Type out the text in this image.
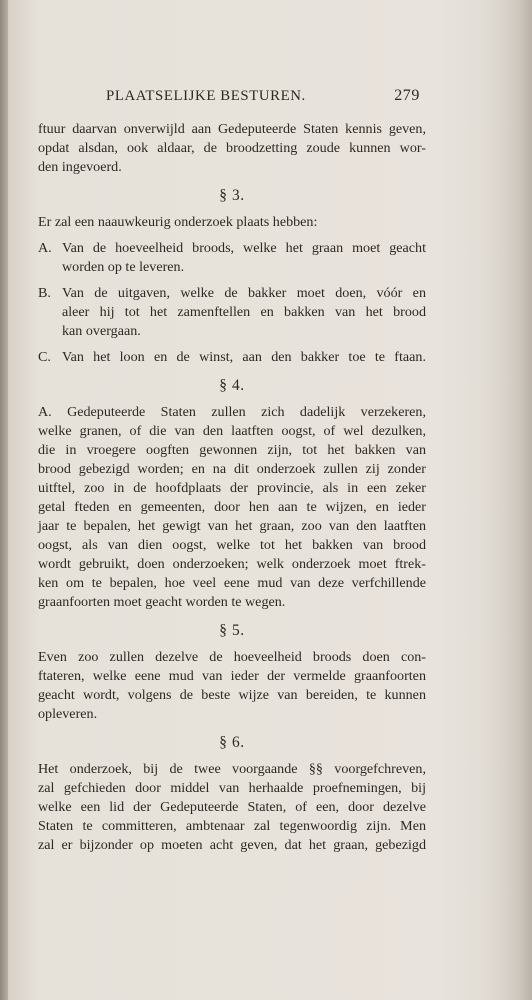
PLAATSELIJKE BESTUREN.	279
ftuur daarvan onverwijld aan Gedeputeerde Staten kennis geven,
opdat alsdan, ook aldaar, de broodzetting zoude kunnen wor-
den ingevoerd.
§ 3.
Er zal een naauwkeurig onderzoek plaats hebben:
A. Van de hoeveelheid broods, welke het graan moet geacht
worden op te leveren.
B. Van de uitgaven, welke de bakker moet doen, vóór en
aleer hij tot het zamenftellen en bakken van het brood
kan overgaan.
C. Van het loon en de winst, aan den bakker toe te ftaan.
§ 4.
A. Gedeputeerde Staten zullen zich dadelijk verzekeren,
welke granen, of die van den laatften oogst, of wel dezulken,
die in vroegere oogften gewonnen zijn, tot het bakken van
brood gebezigd worden; en na dit onderzoek zullen zij zonder
uitftel, zoo in de hoofdplaats der provincie, als in een zeker
getal fteden en gemeenten, door hen aan te wijzen, en ieder
jaar te bepalen, het gewigt van het graan, zoo van den laatften
oogst, als van dien oogst, welke tot het bakken van brood
wordt gebruikt, doen onderzoeken; welk onderzoek moet ftrek-
ken om te bepalen, hoe veel eene mud van deze verfchillende
graanfoorten moet geacht worden te wegen.
§ 5.
Even zoo zullen dezelve de hoeveelheid broods doen con-
ftateren, welke eene mud van ieder der vermelde graanfoorten
geacht wordt, volgens de beste wijze van bereiden, te kunnen
opleveren.
§ 6.
Het onderzoek, bij de twee voorgaande §§ voorgefchreven,
zal gefchieden door middel van herhaalde proefnemingen, bij
welke een lid der Gedeputeerde Staten, of een, door dezelve
Staten te committeren, ambtenaar zal tegenwoordig zijn. Men
zal er bijzonder op moeten acht geven, dat het graan, gebezigd
